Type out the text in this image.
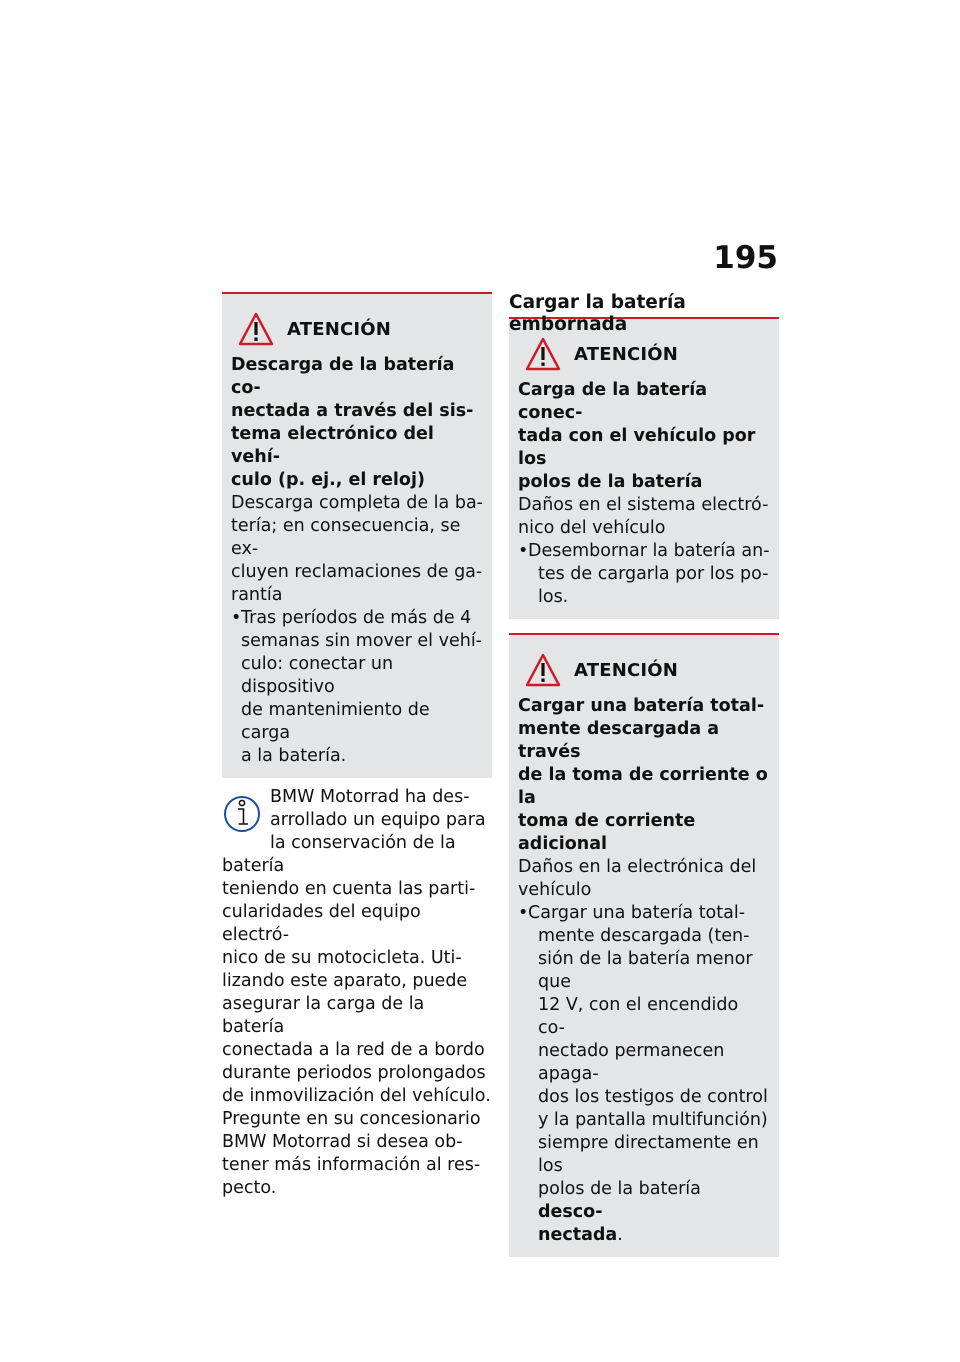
195
ATENCIÓN
Descarga de la batería co-
nectada a través del sis-
tema electrónico del vehí-
culo (p. ej., el reloj)
Descarga completa de la ba-
tería; en consecuencia, se ex-
cluyen reclamaciones de ga-
rantía
• Tras períodos de más de 4
semanas sin mover el vehí-
culo: conectar un dispositivo
de mantenimiento de carga
a la batería.
BMW Motorrad ha des-
arrollado un equipo para
la conservación de la batería
teniendo en cuenta las parti-
cularidades del equipo electró-
nico de su motocicleta. Uti-
lizando este aparato, puede
asegurar la carga de la batería
conectada a la red de a bordo
durante periodos prolongados
de inmovilización del vehículo.
Pregunte en su concesionario
BMW Motorrad si desea ob-
tener más información al res-
pecto.
Cargar la batería embornada
ATENCIÓN
Carga de la batería conec-
tada con el vehículo por los
polos de la batería
Daños en el sistema electró-
nico del vehículo
• Desembornar la batería an-
tes de cargarla por los po-
los.
ATENCIÓN
Cargar una batería total-
mente descargada a través
de la toma de corriente o la
toma de corriente adicional
Daños en la electrónica del
vehículo
• Cargar una batería total-
mente descargada (ten-
sión de la batería menor que
12 V, con el encendido co-
nectado permanecen apaga-
dos los testigos de control
y la pantalla multifunción)
siempre directamente en los
polos de la batería desco-
nectada.
